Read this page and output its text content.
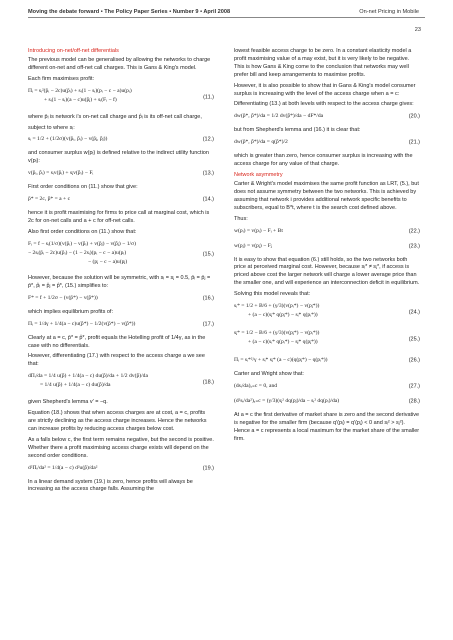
Moving the debate forward • The Policy Paper Series • Number 9 • April 2008	On-net Pricing in Mobile
23
Introducing on-net/off-net differentials

The previous model can be generalised by allowing the networks to charge different on-net and off-net call charges. This is Gans & King's model.

Each firm maximises profit:

Πᵢ = sᵢ²(p̄ᵢ − 2c)u(p̄ᵢ) + sᵢ(1 − sᵢ)(pᵢ − c − a)u(pᵢ)
+ sᵢ(1 − sᵢ)(a − c)u(p̂ⱼ) + sᵢ(Fᵢ − f)	(11.)

where p̄ᵢ is network i's on-net call charge and p̂ᵢ is its off-net call charge,

subject to where sᵢ:

sᵢ = 1/2 + (1/2σ)(v(p̄ᵢ, p̂ᵢ) − v(p̄ⱼ, p̂ⱼ))	(12.)

and consumer surplus w(pᵢ) is defined relative to the indirect utility function v(pᵢ):

v(p̄ᵢ, p̂ᵢ) = sᵢv(p̄ᵢ) + sⱼv(p̂ᵢ) − Fᵢ	(13.)

First order conditions on (11.) show that give:

p̄* = 2c, p̂* = a + c	(14.)

hence it is profit maximising for firms to price call at marginal cost, which is 2c for on-net calls and a + c for off-net calls.

Also first order conditions on (11.) show that:

Fᵢ = f − sᵢ(1/σ)(v(p̄ᵢ) − v(p̂ᵢ) + v(p̄ⱼ) − v(p̂ⱼ) − 1/σ)
− 2sᵢ(p̄ᵢ − 2c)u(p̄ᵢ) − (1 − 2sᵢ)(pᵢ − c − a)u(pᵢ)
− (pⱼ − c − a)u(pⱼ)
(15.)

However, because the solution will be symmetric, with sᵢ = sⱼ = 0.5, p̄ᵢ = p̄ⱼ = p̄*, p̂ᵢ = p̂ⱼ = p̂*, (15.) simplifies to:

F* = f + 1/2σ − (v(p̄*) − v(p̂*))	(16.)

which implies equilibrium profits of:

Πᵢ = 1/4γ + 1/4(a − c)u(p̂*) − 1/2(v(p̄*) − v(p̂*))	(17.)

Clearly at a = c, p̄* = p̂*, profit equals the Hotelling profit of 1/4γ, as in the case with no differentials.

However, differentiating (17.) with respect to the access charge a we see that:

dΠᵢ/da = 1/4 u(p̂) + 1/4(a − c) du(p̂)/da + 1/2 dv(p̂)/da
= 1/4 u(p̂) + 1/4(a − c) du(p̂)/da	(18.)

given Shepherd's lemma v′ = −q.

Equation (18.) shows that when access charges are at cost, a = c, profits are strictly declining as the access charge increases. Hence the networks can increase profits by reducing access charges below cost.

As a falls below c, the first term remains negative, but the second is positive. Whether there a profit maximising access charge exists will depend on the second order conditions.

d²Πᵢ/da² = 1/4(a − c) d²u(p̂)/da²	(19.)

In a linear demand system (19.) is zero, hence profits will always be increasing as the access charge falls. Assuming the

lowest feasible access charge to be zero. In a constant elasticity model a profit maximising value of a may exist, but it is very likely to be negative. This is how Gans & King come to the conclusion that networks may well prefer bill and keep arrangements to maximise profits.

However, it is also possible to show that in Gans & King's model consumer surplus is increasing with the level of the access charge when a = c:

Differentiating (13.) at both levels with respect to the access charge gives:

dw(p̄*, p̂*)/da = 1/2 dv(p̂*)/da − dF*/da	(20.)

but from Shepherd's lemma and (16.) it is clear that:

dw(p̄*, p̂*)/da = q(p̂*)/2	(21.)

which is greater than zero, hence consumer surplus is increasing with the access charge for any value of that charge.

Network asymmetry

Carter & Wright's model maximises the same profit function as LRT, (5.), but does not assume symmetry between the two networks. This is achieved by assuming that network i provides additional network specific benefits to subscribers, equal to B*t, where t is the search cost defined above.

Thus:

w(pᵢ) = v(pᵢ) − Fᵢ + Bt	(22.)
w(pⱼ) = v(pⱼ) − Fⱼ	(23.)

It is easy to show that equation (6.) still holds, so the two networks both price at perceived marginal cost. However, because sᵢ* ≠ sⱼ*, if access is priced above cost the larger network will charge a lower average price than the smaller one, and will experience an interconnection deficit in equilibrium.

Solving this model reveals that:

sᵢ* = 1/2 + B/6 + (γ/3)(v(pᵢ*) − v(pⱼ*))
+ (a − c)(sⱼ* q(pⱼ*) − sᵢ* q(pᵢ*))	(24.)
sⱼ* = 1/2 − B/6 + (γ/3)(v(pⱼ*) − v(pᵢ*))
+ (a − c)(sᵢ* q(pᵢ*) − sⱼ* q(pⱼ*))	(25.)
Πᵢ = sᵢ*²/γ + sᵢ* sⱼ* (a − c)(q(pⱼ*) − q(pᵢ*))	(26.)

Carter and Wright show that:

(dsᵢ/da)ₐ₌c = 0, and	(27.)
(d²sᵢ/da²)ₐ₌c = (γ/3)(sⱼ² dq(pⱼ)/da − sᵢ² dq(pᵢ)/da)	(28.)

At a = c the first derivative of market share is zero and the second derivative is negative for the smaller firm (because q′(pᵢ) = q′(pⱼ) < 0 and sᵢ² > sⱼ²). Hence a = c represents a local maximum for the market share of the smaller firm.
